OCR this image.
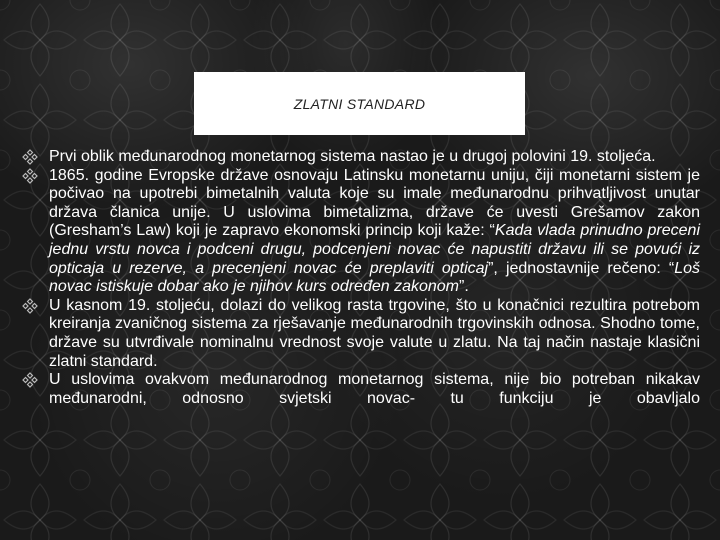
ZLATNI STANDARD
Prvi oblik međunarodnog monetarnog sistema nastao je u drugoj polovini 19. stoljeća.
1865. godine Evropske države osnovaju Latinsku monetarnu uniju, čiji monetarni sistem je počivao na upotrebi bimetalnih valuta koje su imale međunarodnu prihvatljivost unutar država članica unije. U uslovima bimetalizma, države će uvesti Grešamov zakon (Gresham’s Law) koji je zapravo ekonomski princip koji kaže: “Kada vlada prinudno preceni jednu vrstu novca i podceni drugu, podcenjeni novac će napustiti državu ili se povući iz opticaja u rezerve, a precenjeni novac će preplaviti opticaj”, jednostavnije rečeno: “Loš novac istiskuje dobar ako je njihov kurs određen zakonom”.
U kasnom 19. stoljeću, dolazi do velikog rasta trgovine, što u konačnici rezultira potrebom kreiranja zvaničnog sistema za rješavanje međunarodnih trgovinskih odnosa. Shodno tome, države su utvrđivale nominalnu vrednost svoje valute u zlatu. Na taj način nastaje klasični zlatni standard.
U uslovima ovakvom međunarodnog monetarnog sistema, nije bio potreban nikakav međunarodni, odnosno svjetski novac- tu funkciju je obavljalo
